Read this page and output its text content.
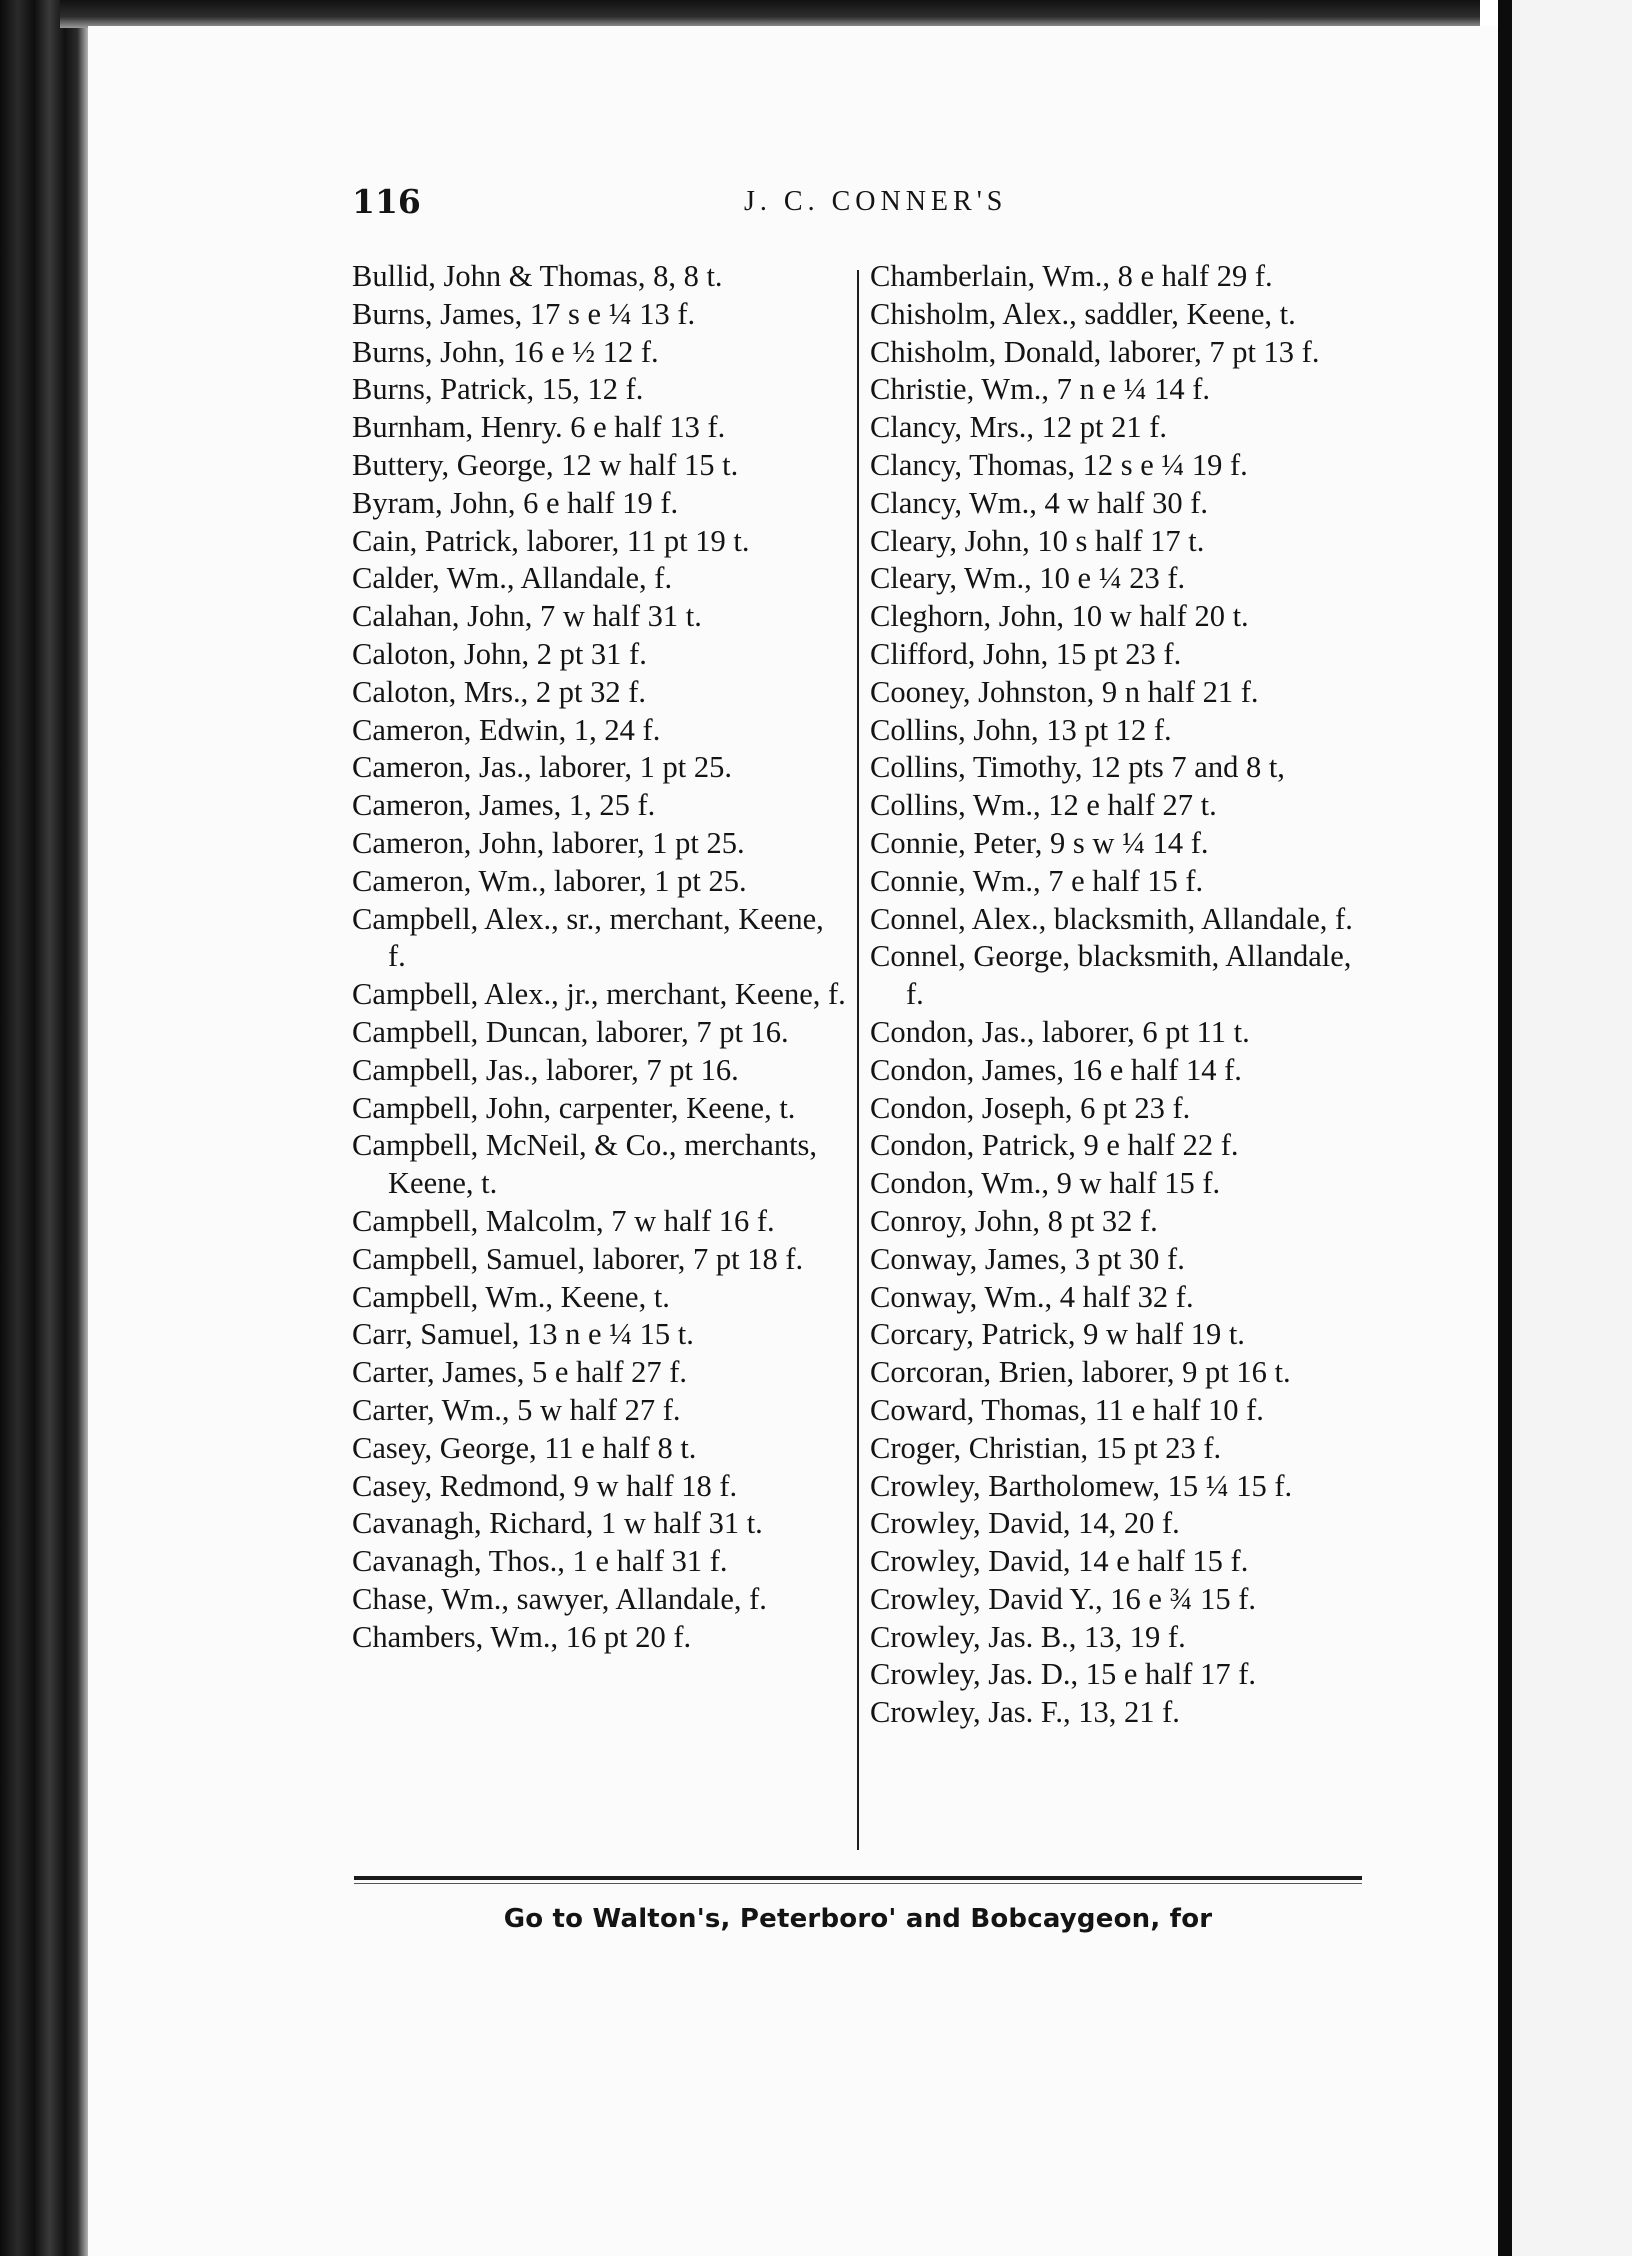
116	J. C. CONNER'S
Bullid, John & Thomas, 8, 8 t.
Burns, James, 17 s e ¼ 13 f.
Burns, John, 16 e ½ 12 f.
Burns, Patrick, 15, 12 f.
Burnham, Henry. 6 e half 13 f.
Buttery, George, 12 w half 15 t.
Byram, John, 6 e half 19 f.
Cain, Patrick, laborer, 11 pt 19 t.
Calder, Wm., Allandale, f.
Calahan, John, 7 w half 31 t.
Caloton, John, 2 pt 31 f.
Caloton, Mrs., 2 pt 32 f.
Cameron, Edwin, 1, 24 f.
Cameron, Jas., laborer, 1 pt 25.
Cameron, James, 1, 25 f.
Cameron, John, laborer, 1 pt 25.
Cameron, Wm., laborer, 1 pt 25.
Campbell, Alex., sr., merchant, Keene, f.
Campbell, Alex., jr., merchant, Keene, f.
Campbell, Duncan, laborer, 7 pt 16.
Campbell, Jas., laborer, 7 pt 16.
Campbell, John, carpenter, Keene, t.
Campbell, McNeil, & Co., merchants, Keene, t.
Campbell, Malcolm, 7 w half 16 f.
Campbell, Samuel, laborer, 7 pt 18 f.
Campbell, Wm., Keene, t.
Carr, Samuel, 13 n e ¼ 15 t.
Carter, James, 5 e half 27 f.
Carter, Wm., 5 w half 27 f.
Casey, George, 11 e half 8 t.
Casey, Redmond, 9 w half 18 f.
Cavanagh, Richard, 1 w half 31 t.
Cavanagh, Thos., 1 e half 31 f.
Chase, Wm., sawyer, Allandale, f.
Chambers, Wm., 16 pt 20 f.
Chamberlain, Wm., 8 e half 29 f.
Chisholm, Alex., saddler, Keene, t.
Chisholm, Donald, laborer, 7 pt 13 f.
Christie, Wm., 7 n e ¼ 14 f.
Clancy, Mrs., 12 pt 21 f.
Clancy, Thomas, 12 s e ¼ 19 f.
Clancy, Wm., 4 w half 30 f.
Cleary, John, 10 s half 17 t.
Cleary, Wm., 10 e ¼ 23 f.
Cleghorn, John, 10 w half 20 t.
Clifford, John, 15 pt 23 f.
Cooney, Johnston, 9 n half 21 f.
Collins, John, 13 pt 12 f.
Collins, Timothy, 12 pts 7 and 8 t,
Collins, Wm., 12 e half 27 t.
Connie, Peter, 9 s w ¼ 14 f.
Connie, Wm., 7 e half 15 f.
Connel, Alex., blacksmith, Allandale, f.
Connel, George, blacksmith, Allandale, f.
Condon, Jas., laborer, 6 pt 11 t.
Condon, James, 16 e half 14 f.
Condon, Joseph, 6 pt 23 f.
Condon, Patrick, 9 e half 22 f.
Condon, Wm., 9 w half 15 f.
Conroy, John, 8 pt 32 f.
Conway, James, 3 pt 30 f.
Conway, Wm., 4 half 32 f.
Corcary, Patrick, 9 w half 19 t.
Corcoran, Brien, laborer, 9 pt 16 t.
Coward, Thomas, 11 e half 10 f.
Croger, Christian, 15 pt 23 f.
Crowley, Bartholomew, 15 ¼ 15 f.
Crowley, David, 14, 20 f.
Crowley, David, 14 e half 15 f.
Crowley, David Y., 16 e ¾ 15 f.
Crowley, Jas. B., 13, 19 f.
Crowley, Jas. D., 15 e half 17 f.
Crowley, Jas. F., 13, 21 f.
Go to Walton's, Peterboro' and Bobcaygeon, for
